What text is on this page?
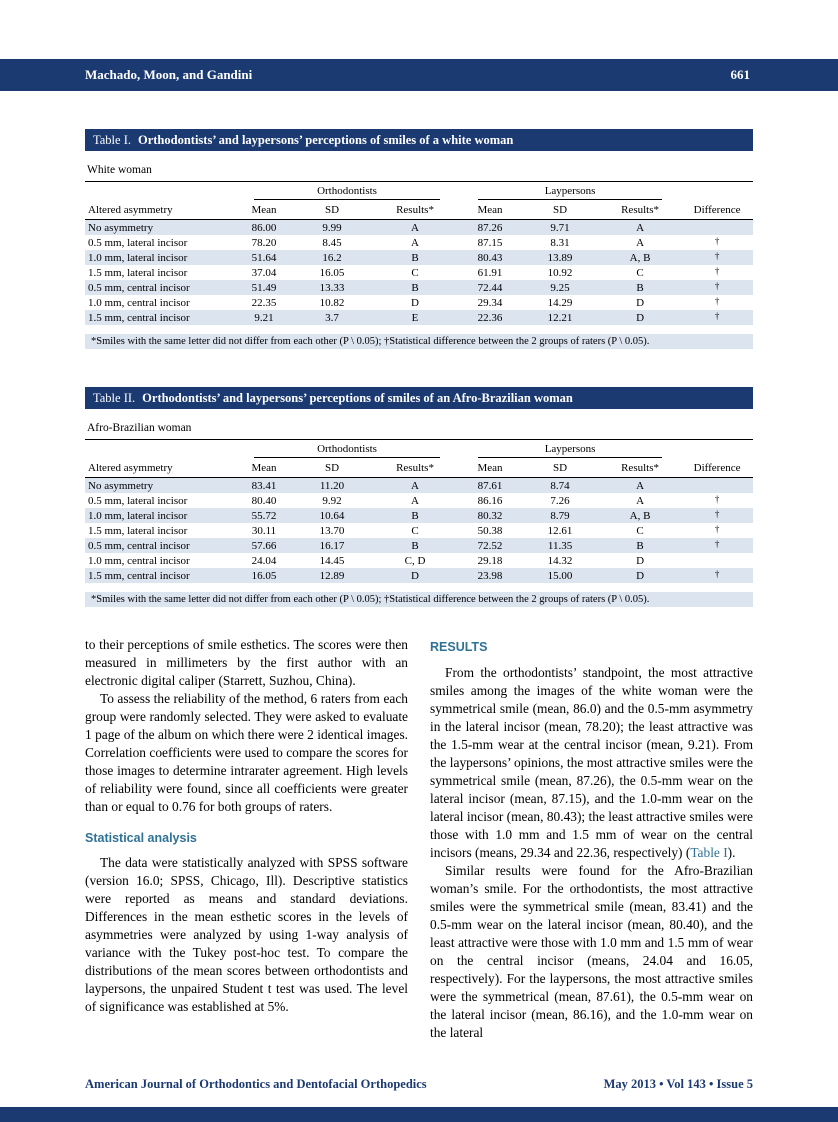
Machado, Moon, and Gandini	661
Table I. Orthodontists’ and laypersons’ perceptions of smiles of a white woman
White woman

	Orthodontists			Laypersons			

Altered asymmetry	Mean	SD	Results*	Mean	SD	Results*	Difference
No asymmetry	86.00	9.99	A	87.26	9.71	A	
0.5 mm, lateral incisor	78.20	8.45	A	87.15	8.31	A	†
1.0 mm, lateral incisor	51.64	16.2	B	80.43	13.89	A, B	†
1.5 mm, lateral incisor	37.04	16.05	C	61.91	10.92	C	†
0.5 mm, central incisor	51.49	13.33	B	72.44	9.25	B	†
1.0 mm, central incisor	22.35	10.82	D	29.34	14.29	D	†
1.5 mm, central incisor	9.21	3.7	E	22.36	12.21	D	†
*Smiles with the same letter did not differ from each other (P \ 0.05); †Statistical difference between the 2 groups of raters (P \ 0.05).
Table II. Orthodontists’ and laypersons’ perceptions of smiles of an Afro-Brazilian woman
Afro-Brazilian woman

	Orthodontists			Laypersons			

Altered asymmetry	Mean	SD	Results*	Mean	SD	Results*	Difference
No asymmetry	83.41	11.20	A	87.61	8.74	A	
0.5 mm, lateral incisor	80.40	9.92	A	86.16	7.26	A	†
1.0 mm, lateral incisor	55.72	10.64	B	80.32	8.79	A, B	†
1.5 mm, lateral incisor	30.11	13.70	C	50.38	12.61	C	†
0.5 mm, central incisor	57.66	16.17	B	72.52	11.35	B	†
1.0 mm, central incisor	24.04	14.45	C, D	29.18	14.32	D	
1.5 mm, central incisor	16.05	12.89	D	23.98	15.00	D	†
*Smiles with the same letter did not differ from each other (P \ 0.05); †Statistical difference between the 2 groups of raters (P \ 0.05).

to their perceptions of smile esthetics. The scores were then measured in millimeters by the first author with an electronic digital caliper (Starrett, Suzhou, China).

To assess the reliability of the method, 6 raters from each group were randomly selected. They were asked to evaluate 1 page of the album on which there were 2 identical images. Correlation coefficients were used to compare the scores for those images to determine intrarater agreement. High levels of reliability were found, since all coefficients were greater than or equal to 0.76 for both groups of raters.

Statistical analysis

The data were statistically analyzed with SPSS software (version 16.0; SPSS, Chicago, Ill). Descriptive statistics were reported as means and standard deviations. Differences in the mean esthetic scores in the levels of asymmetries were analyzed by using 1-way analysis of variance with the Tukey post-hoc test. To compare the distributions of the mean scores between orthodontists and laypersons, the unpaired Student t test was used. The level of significance was established at 5%.

RESULTS

From the orthodontists’ standpoint, the most attractive smiles among the images of the white woman were the symmetrical smile (mean, 86.0) and the 0.5-mm asymmetry in the lateral incisor (mean, 78.20); the least attractive was the 1.5-mm wear at the central incisor (mean, 9.21). From the laypersons’ opinions, the most attractive smiles were the symmetrical smile (mean, 87.26), the 0.5-mm wear on the lateral incisor (mean, 87.15), and the 1.0-mm wear on the lateral incisor (mean, 80.43); the least attractive smiles were those with 1.0 mm and 1.5 mm of wear on the central incisors (means, 29.34 and 22.36, respectively) (Table I).

Similar results were found for the Afro-Brazilian woman’s smile. For the orthodontists, the most attractive smiles were the symmetrical smile (mean, 83.41) and the 0.5-mm wear on the lateral incisor (mean, 80.40), and the least attractive were those with 1.0 mm and 1.5 mm of wear on the central incisor (means, 24.04 and 16.05, respectively). For the laypersons, the most attractive smiles were the symmetrical (mean, 87.61), the 0.5-mm wear on the lateral incisor (mean, 86.16), and the 1.0-mm wear on the lateral

American Journal of Orthodontics and Dentofacial Orthopedics	May 2013 • Vol 143 • Issue 5
